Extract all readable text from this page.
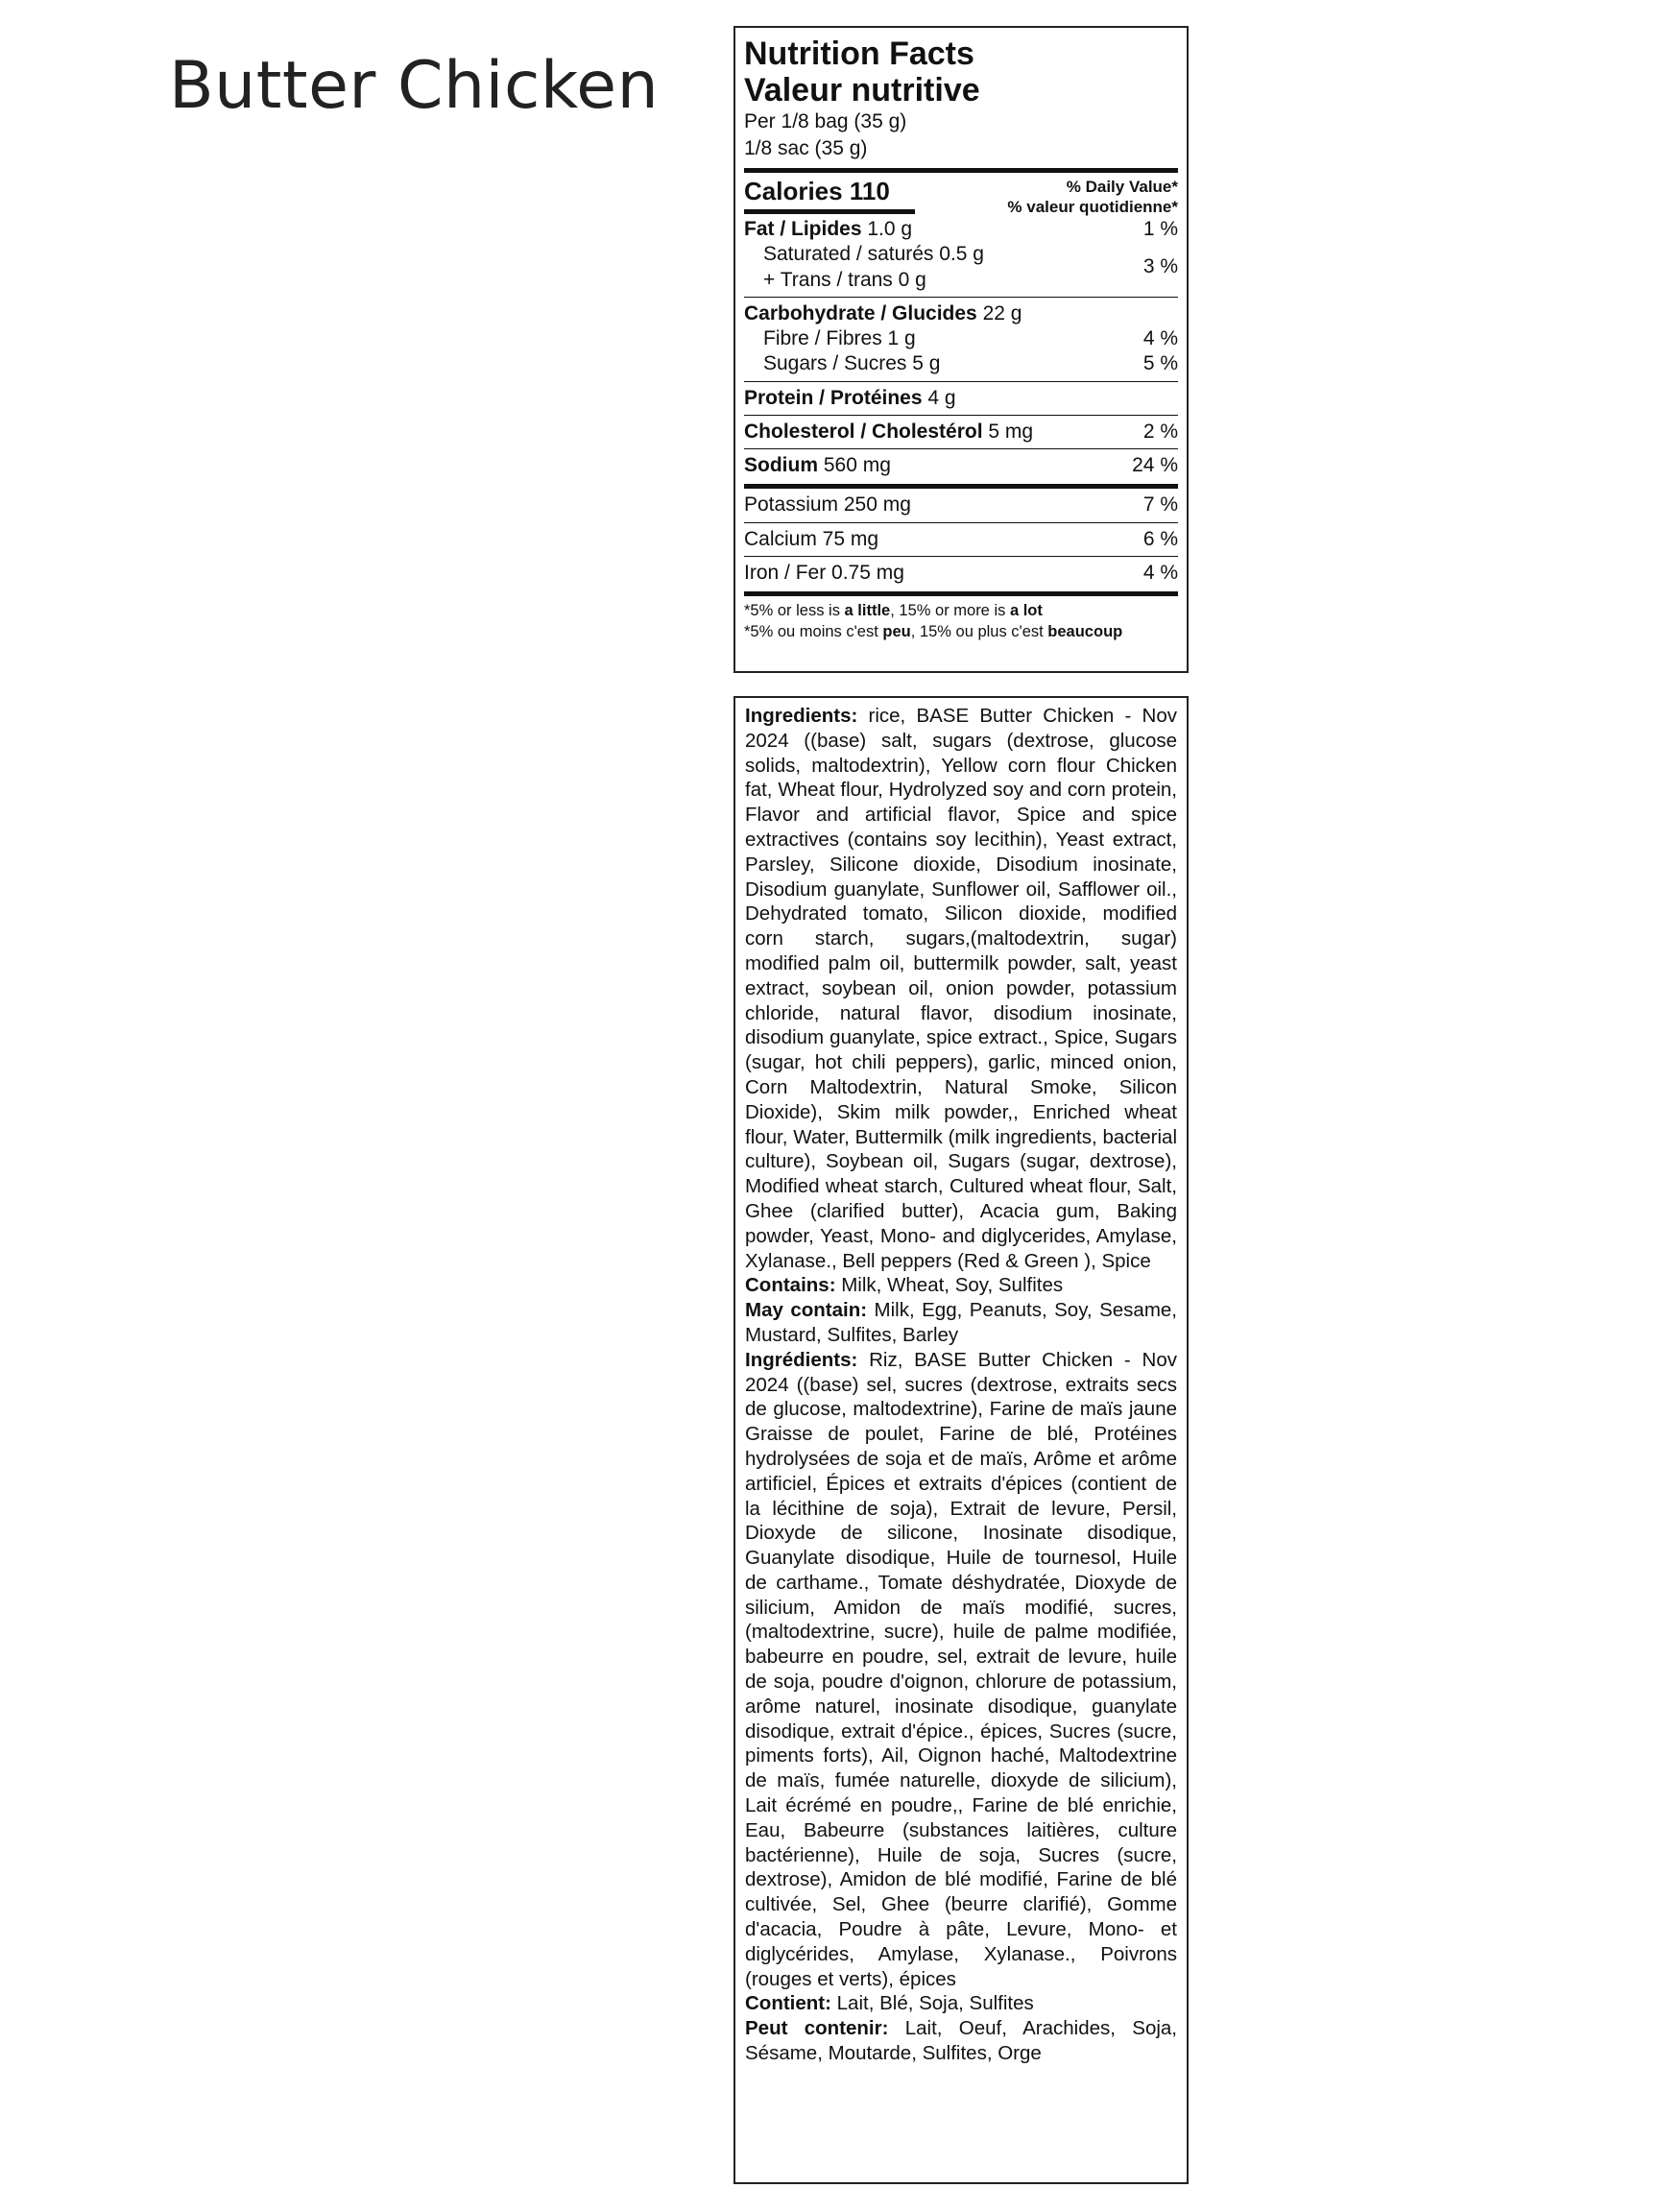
Butter Chicken	Nutrition Facts
Valeur nutritive
Per 1/8 bag (35 g)
1/8 sac (35 g)
Calories 110	% Daily Value*
% valeur quotidienne*
Fat / Lipides 1.0 g	1 %
Saturated / saturés 0.5 g
+ Trans / trans 0 g
3 %
Carbohydrate / Glucides 22 g
Fibre / Fibres 1 g	4 %
Sugars / Sucres 5 g	5 %
Protein / Protéines 4 g
Cholesterol / Cholestérol 5 mg	2 %
Sodium 560 mg	24 %
Potassium 250 mg	7 %
Calcium 75 mg	6 %
Iron / Fer 0.75 mg	4 %
*5% or less is a little, 15% or more is a lot
*5% ou moins c'est peu, 15% ou plus c'est beaucoup

Ingredients: rice, BASE Butter Chicken - Nov 2024 ((base) salt, sugars (dextrose, glucose solids, maltodextrin), Yellow corn flour Chicken fat, Wheat flour, Hydrolyzed soy and corn protein, Flavor and artificial flavor, Spice and spice extractives (contains soy lecithin), Yeast extract, Parsley, Silicone dioxide, Disodium inosinate, Disodium guanylate, Sunflower oil, Safflower oil., Dehydrated tomato, Silicon dioxide, modified corn starch, sugars,(maltodextrin, sugar) modified palm oil, buttermilk powder, salt, yeast extract, soybean oil, onion powder, potassium chloride, natural flavor, disodium inosinate, disodium guanylate, spice extract., Spice, Sugars (sugar, hot chili peppers), garlic, minced onion, Corn Maltodextrin, Natural Smoke, Silicon Dioxide), Skim milk powder,, Enriched wheat flour, Water, Buttermilk (milk ingredients, bacterial culture), Soybean oil, Sugars (sugar, dextrose), Modified wheat starch, Cultured wheat flour, Salt, Ghee (clarified butter), Acacia gum, Baking powder, Yeast, Mono- and diglycerides, Amylase, Xylanase., Bell peppers (Red & Green ), Spice

Contains: Milk, Wheat, Soy, Sulfites

May contain: Milk, Egg, Peanuts, Soy, Sesame, Mustard, Sulfites, Barley

Ingrédients: Riz, BASE Butter Chicken - Nov 2024 ((base) sel, sucres (dextrose, extraits secs de glucose, maltodextrine), Farine de maïs jaune Graisse de poulet, Farine de blé, Protéines hydrolysées de soja et de maïs, Arôme et arôme artificiel, Épices et extraits d'épices (contient de la lécithine de soja), Extrait de levure, Persil, Dioxyde de silicone, Inosinate disodique, Guanylate disodique, Huile de tournesol, Huile de carthame., Tomate déshydratée, Dioxyde de silicium, Amidon de maïs modifié, sucres, (maltodextrine, sucre), huile de palme modifiée, babeurre en poudre, sel, extrait de levure, huile de soja, poudre d'oignon, chlorure de potassium, arôme naturel, inosinate disodique, guanylate disodique, extrait d'épice., épices, Sucres (sucre, piments forts), Ail, Oignon haché, Maltodextrine de maïs, fumée naturelle, dioxyde de silicium), Lait écrémé en poudre,, Farine de blé enrichie, Eau, Babeurre (substances laitières, culture bactérienne), Huile de soja, Sucres (sucre, dextrose), Amidon de blé modifié, Farine de blé cultivée, Sel, Ghee (beurre clarifié), Gomme d'acacia, Poudre à pâte, Levure, Mono- et diglycérides, Amylase, Xylanase., Poivrons (rouges et verts), épices

Contient: Lait, Blé, Soja, Sulfites

Peut contenir: Lait, Oeuf, Arachides, Soja, Sésame, Moutarde, Sulfites, Orge
